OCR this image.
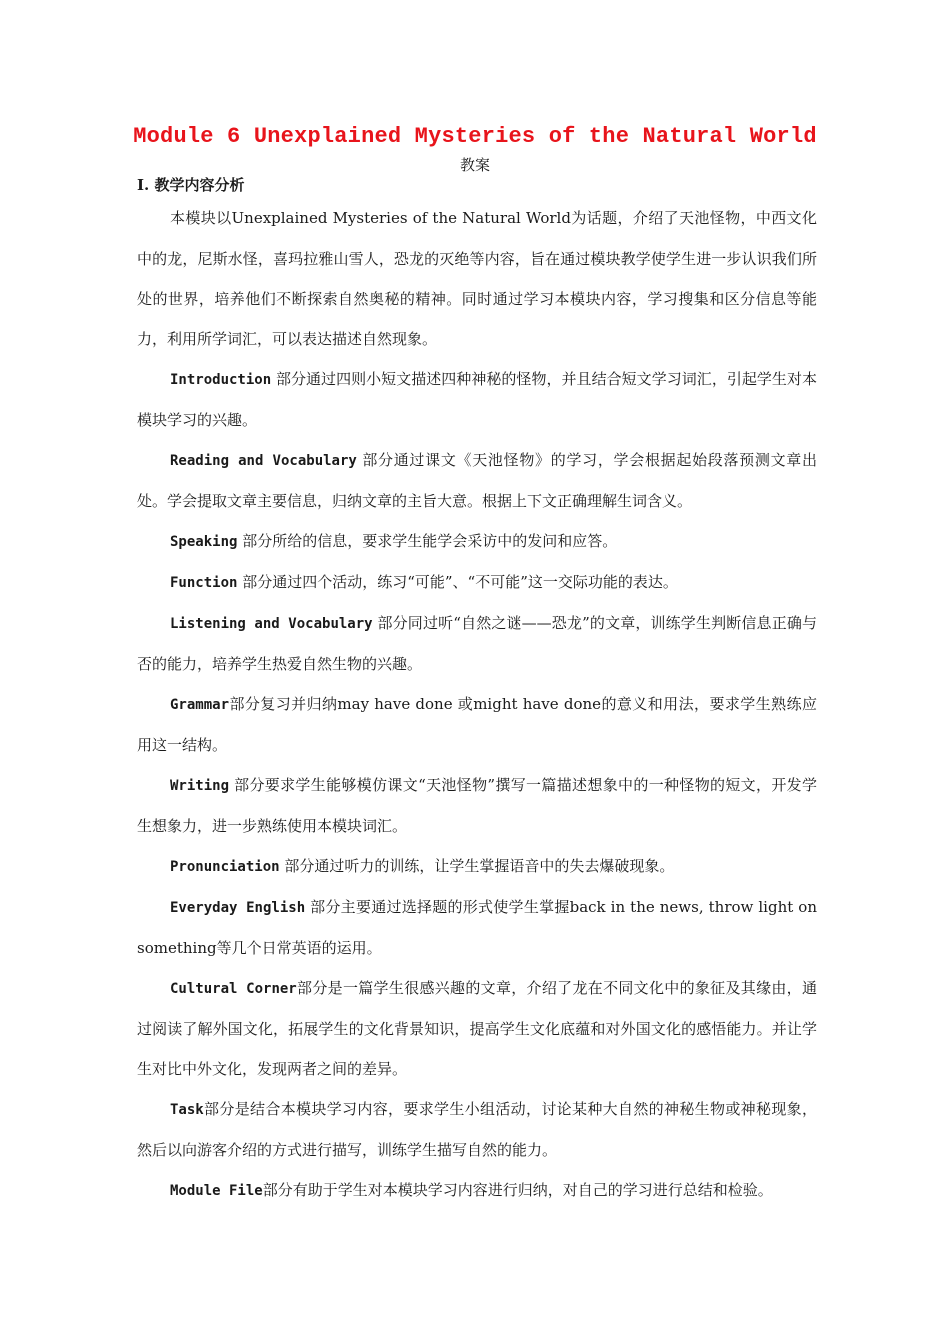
Module 6 Unexplained Mysteries of the Natural World
教案
I. 教学内容分析

本模块以Unexplained Mysteries of the Natural World为话题，介绍了天池怪物，中西文化中的龙，尼斯水怪，喜玛拉雅山雪人，恐龙的灭绝等内容，旨在通过模块教学使学生进一步认识我们所处的世界，培养他们不断探索自然奥秘的精神。同时通过学习本模块内容，学习搜集和区分信息等能力，利用所学词汇，可以表达描述自然现象。

Introduction 部分通过四则小短文描述四种神秘的怪物，并且结合短文学习词汇，引起学生对本模块学习的兴趣。

Reading and Vocabulary 部分通过课文《天池怪物》的学习，学会根据起始段落预测文章出处。学会提取文章主要信息，归纳文章的主旨大意。根据上下文正确理解生词含义。

Speaking 部分所给的信息，要求学生能学会采访中的发问和应答。

Function 部分通过四个活动，练习“可能”、“不可能”这一交际功能的表达。

Listening and Vocabulary 部分同过听“自然之谜——恐龙”的文章，训练学生判断信息正确与否的能力，培养学生热爱自然生物的兴趣。

Grammar部分复习并归纳may have done 或might have done的意义和用法，要求学生熟练应用这一结构。

Writing 部分要求学生能够模仿课文“天池怪物”撰写一篇描述想象中的一种怪物的短文，开发学生想象力，进一步熟练使用本模块词汇。

Pronunciation 部分通过听力的训练，让学生掌握语音中的失去爆破现象。

Everyday English 部分主要通过选择题的形式使学生掌握back in the news, throw light on something等几个日常英语的运用。

Cultural Corner部分是一篇学生很感兴趣的文章，介绍了龙在不同文化中的象征及其缘由，通过阅读了解外国文化，拓展学生的文化背景知识，提高学生文化底蕴和对外国文化的感悟能力。并让学生对比中外文化，发现两者之间的差异。

Task部分是结合本模块学习内容，要求学生小组活动，讨论某种大自然的神秘生物或神秘现象，然后以向游客介绍的方式进行描写，训练学生描写自然的能力。

Module File部分有助于学生对本模块学习内容进行归纳，对自己的学习进行总结和检验。
